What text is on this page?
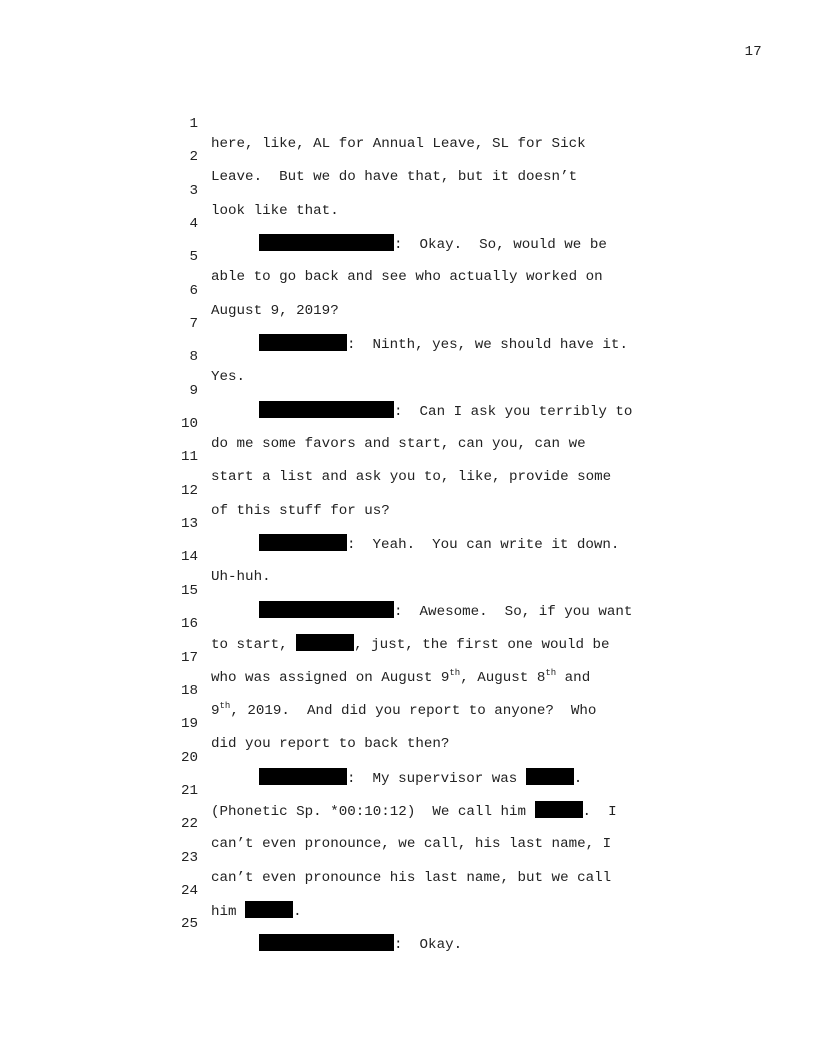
17

1

here, like, AL for Annual Leave, SL for Sick

2

Leave.  But we do have that, but it doesn’t

3

look like that.

4

:  Okay.  So, would we be

5

able to go back and see who actually worked on

6

August 9, 2019?

7

:  Ninth, yes, we should have it.

8

Yes.

9

:  Can I ask you terribly to

10

do me some favors and start, can you, can we

11

start a list and ask you to, like, provide some

12

of this stuff for us?

13

:  Yeah.  You can write it down.

14

Uh-huh.

15

:  Awesome.  So, if you want

16

to start,	, just, the first one would be

17

who was assigned on August 9th, August 8th and

18

9th, 2019.  And did you report to anyone?  Who

19

did you report to back then?

20

:  My supervisor was	.

21

(Phonetic Sp. *00:10:12)  We call him	.  I

22

can’t even pronounce, we call, his last name, I

23

can’t even pronounce his last name, but we call

24

him	.

25

:  Okay.
